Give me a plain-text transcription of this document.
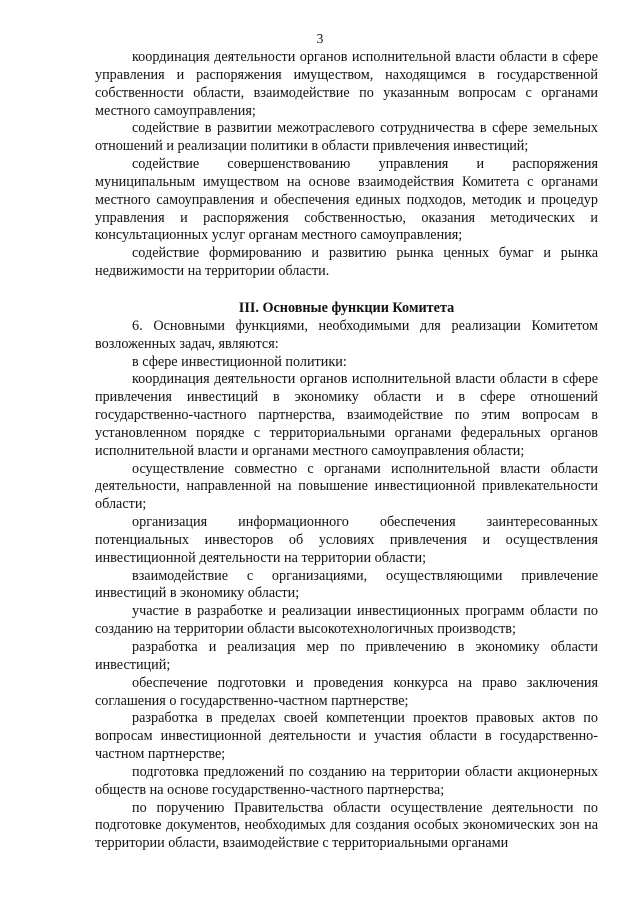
3

координация деятельности органов исполнительной власти области в сфере управления и распоряжения имуществом, находящимся в государственной собственности области, взаимодействие по указанным вопросам с органами местного самоуправления;

содействие в развитии межотраслевого сотрудничества в сфере земельных отношений и реализации политики в области привлечения инвестиций;

содействие совершенствованию управления и распоряжения муниципальным имуществом на основе взаимодействия Комитета с органами местного самоуправления и обеспечения единых подходов, методик и процедур управления и распоряжения собственностью, оказания методических и консультационных услуг органам местного самоуправления;

содействие формированию и развитию рынка ценных бумаг и рынка недвижимости на территории области.

III. Основные функции Комитета

6. Основными функциями, необходимыми для реализации Комитетом возложенных задач, являются:

в сфере инвестиционной политики:

координация деятельности органов исполнительной власти области в сфере привлечения инвестиций в экономику области и в сфере отношений государственно-частного партнерства, взаимодействие по этим вопросам в установленном порядке с территориальными органами федеральных органов исполнительной власти и органами местного самоуправления области;

осуществление совместно с органами исполнительной власти области деятельности, направленной на повышение инвестиционной привлекательности области;

организация информационного обеспечения заинтересованных потенциальных инвесторов об условиях привлечения и осуществления инвестиционной деятельности на территории области;

взаимодействие с организациями, осуществляющими привлечение инвестиций в экономику области;

участие в разработке и реализации инвестиционных программ области по созданию на территории области высокотехнологичных производств;

разработка и реализация мер по привлечению в экономику области инвестиций;

обеспечение подготовки и проведения конкурса на право заключения соглашения о государственно-частном партнерстве;

разработка в пределах своей компетенции проектов правовых актов по вопросам инвестиционной деятельности и участия области в государственно-частном партнерстве;

подготовка предложений по созданию на территории области акционерных обществ на основе государственно-частного партнерства;

по поручению Правительства области осуществление деятельности по подготовке документов, необходимых для создания особых экономических зон на территории области, взаимодействие с территориальными органами
